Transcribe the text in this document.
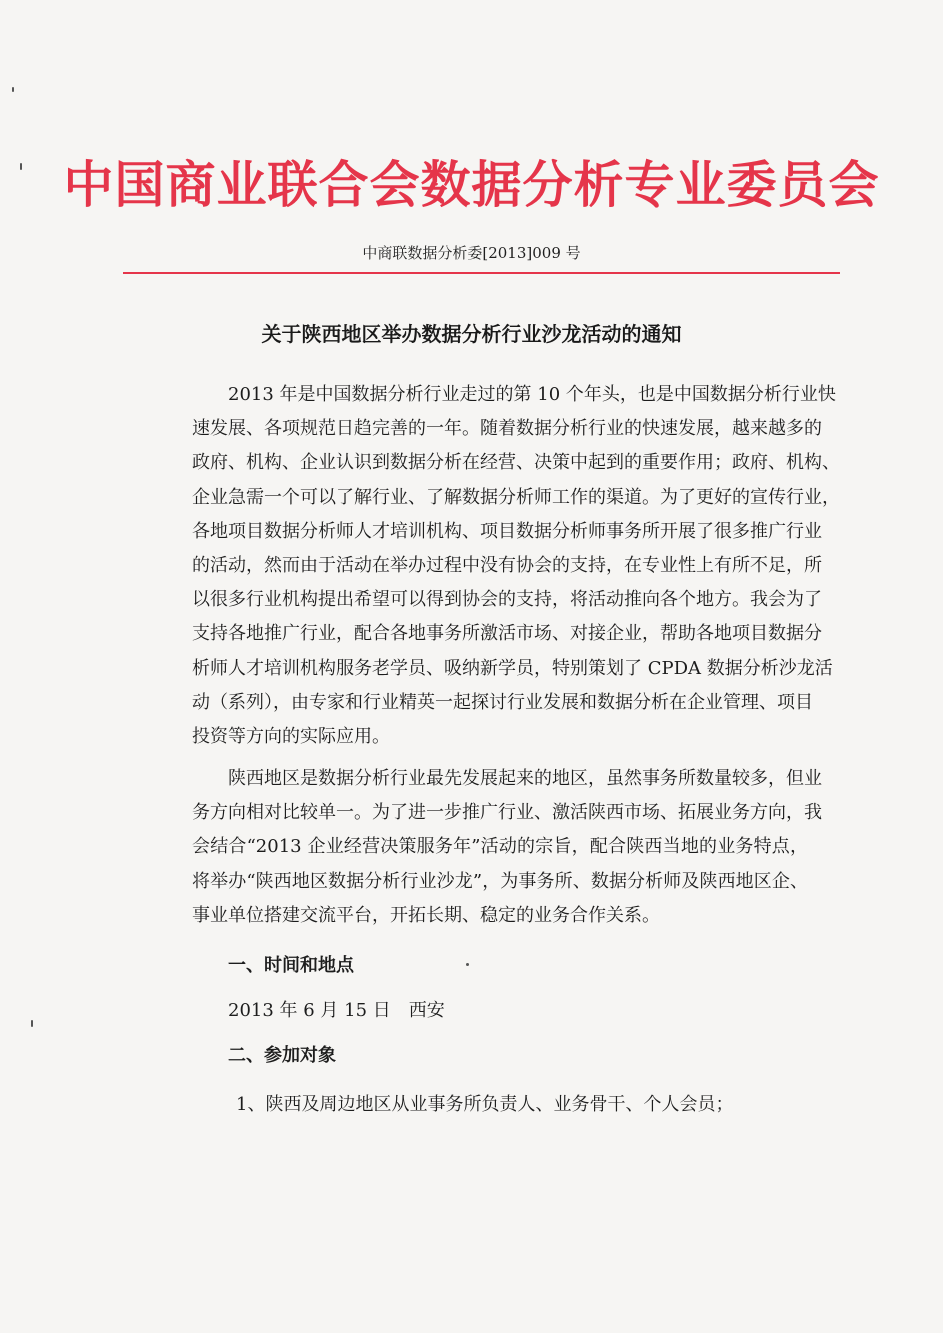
中国商业联合会数据分析专业委员会
中商联数据分析委[2013]009 号
关于陕西地区举办数据分析行业沙龙活动的通知
2013 年是中国数据分析行业走过的第 10 个年头，也是中国数据分析行业快
速发展、各项规范日趋完善的一年。随着数据分析行业的快速发展，越来越多的
政府、机构、企业认识到数据分析在经营、决策中起到的重要作用；政府、机构、
企业急需一个可以了解行业、了解数据分析师工作的渠道。为了更好的宣传行业，
各地项目数据分析师人才培训机构、项目数据分析师事务所开展了很多推广行业
的活动，然而由于活动在举办过程中没有协会的支持，在专业性上有所不足，所
以很多行业机构提出希望可以得到协会的支持，将活动推向各个地方。我会为了
支持各地推广行业，配合各地事务所激活市场、对接企业，帮助各地项目数据分
析师人才培训机构服务老学员、吸纳新学员，特别策划了 CPDA 数据分析沙龙活
动（系列），由专家和行业精英一起探讨行业发展和数据分析在企业管理、项目
投资等方向的实际应用。
陕西地区是数据分析行业最先发展起来的地区，虽然事务所数量较多，但业
务方向相对比较单一。为了进一步推广行业、激活陕西市场、拓展业务方向，我
会结合“2013 企业经营决策服务年”活动的宗旨，配合陕西当地的业务特点，
将举办“陕西地区数据分析行业沙龙”，为事务所、数据分析师及陕西地区企、
事业单位搭建交流平台，开拓长期、稳定的业务合作关系。
一、时间和地点
2013 年 6 月 15 日　西安
二、参加对象
1、陕西及周边地区从业事务所负责人、业务骨干、个人会员；
